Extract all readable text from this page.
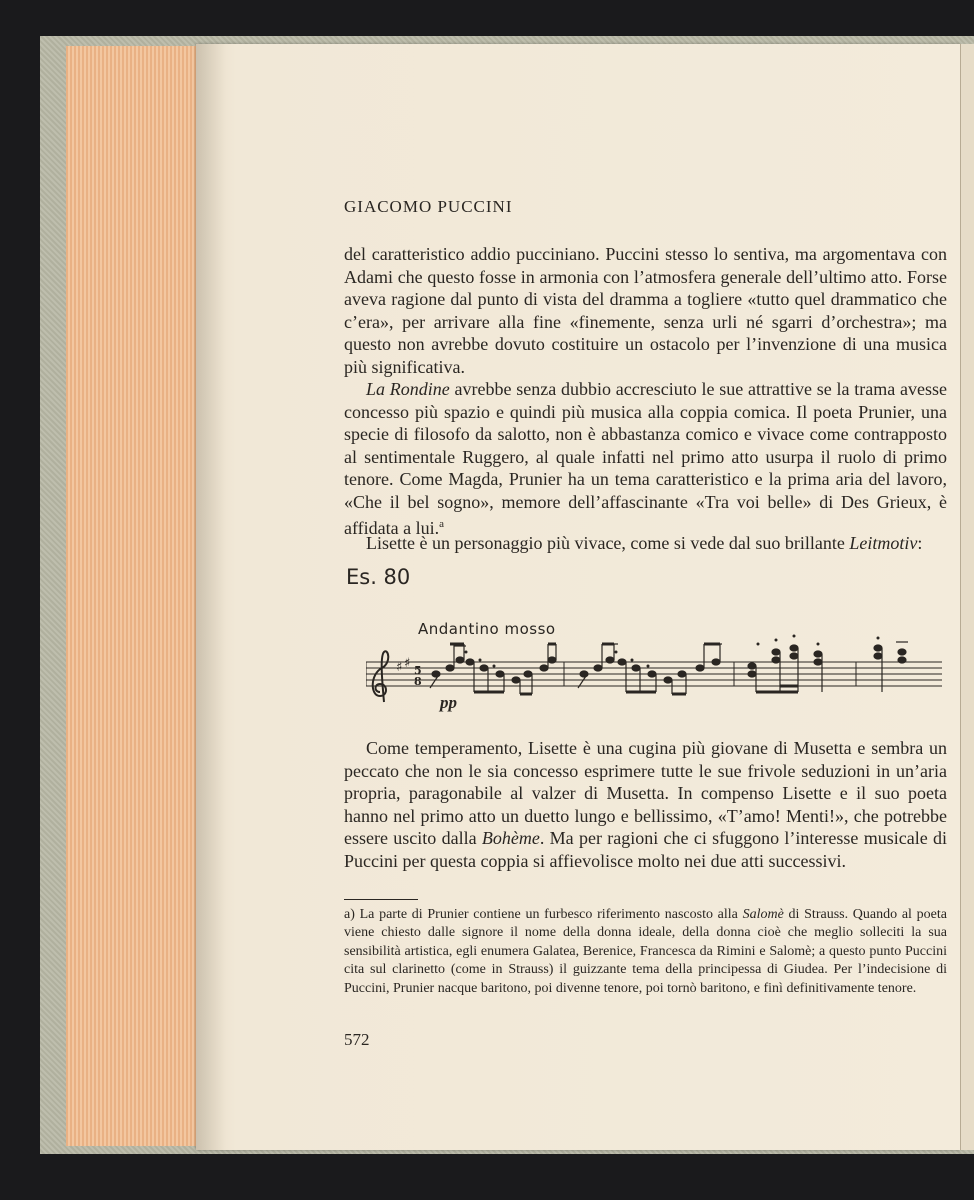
GIACOMO PUCCINI
del caratteristico addio pucciniano. Puccini stesso lo sentiva, ma argomentava con Adami che questo fosse in armonia con l’atmosfera generale dell’ultimo atto. Forse aveva ragione dal punto di vista del dramma a togliere «tutto quel drammatico che c’era», per arrivare alla fine «finemente, senza urli né sgarri d’orchestra»; ma questo non avrebbe dovuto costituire un ostacolo per l’invenzione di una musica più significativa.
La Rondine avrebbe senza dubbio accresciuto le sue attrattive se la trama avesse concesso più spazio e quindi più musica alla coppia comica. Il poeta Prunier, una specie di filosofo da salotto, non è abbastanza comico e vivace come contrapposto al sentimentale Ruggero, al quale infatti nel primo atto usurpa il ruolo di primo tenore. Come Magda, Prunier ha un tema caratteristico e la prima aria del lavoro, «Che il bel sogno», memore dell’affascinante «Tra voi belle» di Des Grieux, è affidata a lui.$^a$
Lisette è un personaggio più vivace, come si vede dal suo brillante Leitmotiv:
Es. 80
Andantino mosso
♯ ♯ 5
8
pp
Come temperamento, Lisette è una cugina più giovane di Musetta e sembra un peccato che non le sia concesso esprimere tutte le sue frivole seduzioni in un’aria propria, paragonabile al valzer di Musetta. In compenso Lisette e il suo poeta hanno nel primo atto un duetto lungo e bellissimo, «T’amo! Menti!», che potrebbe essere uscito dalla Bohème. Ma per ragioni che ci sfuggono l’interesse musicale di Puccini per questa coppia si affievolisce molto nei due atti successivi.
a) La parte di Prunier contiene un furbesco riferimento nascosto alla Salomè di Strauss. Quando al poeta viene chiesto dalle signore il nome della donna ideale, della donna cioè che meglio solleciti la sua sensibilità artistica, egli enumera Galatea, Berenice, Francesca da Rimini e Salomè; a questo punto Puccini cita sul clarinetto (come in Strauss) il guizzante tema della principessa di Giudea. Per l’indecisione di Puccini, Prunier nacque baritono, poi divenne tenore, poi tornò baritono, e finì definitivamente tenore.
572
